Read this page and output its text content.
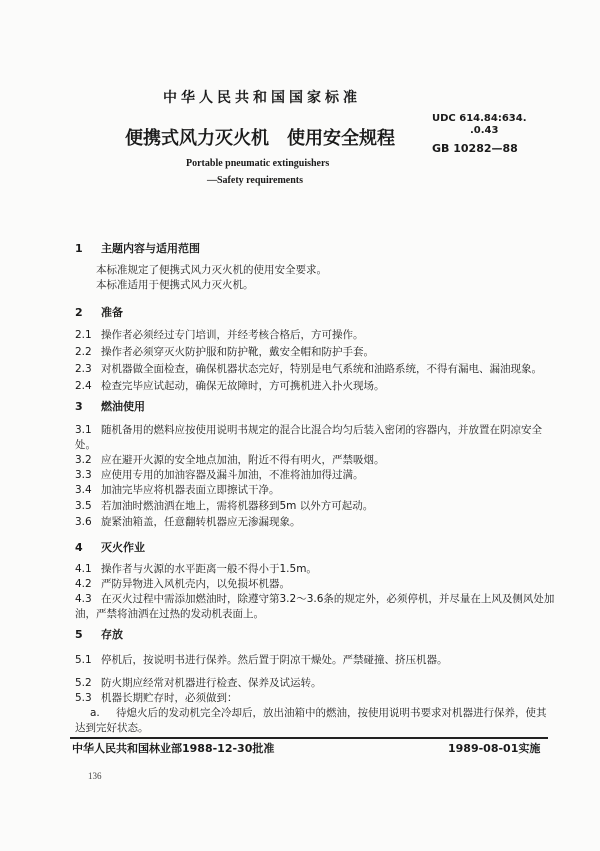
中华人民共和国国家标准
便携式风力灭火机　使用安全规程
UDC 614.84:634.
.0.43
GB 10282—88
Portable pneumatic extinguishers
—Safety requirements
1 主题内容与适用范围
本标准规定了便携式风力灭火机的使用安全要求。
本标准适用于便携式风力灭火机。
2 准备
2.1 操作者必须经过专门培训，并经考核合格后，方可操作。
2.2 操作者必须穿灭火防护服和防护靴，戴安全帽和防护手套。
2.3 对机器做全面检查，确保机器状态完好，特别是电气系统和油路系统，不得有漏电、漏油现象。
2.4 检查完毕应试起动，确保无故障时，方可携机进入扑火现场。
3 燃油使用
3.1 随机备用的燃料应按使用说明书规定的混合比混合均匀后装入密闭的容器内，并放置在阴凉安全
处。
3.2 应在避开火源的安全地点加油，附近不得有明火，严禁吸烟。
3.3 应使用专用的加油容器及漏斗加油，不准将油加得过满。
3.4 加油完毕应将机器表面立即擦试干净。
3.5 若加油时燃油洒在地上，需将机器移到5m 以外方可起动。
3.6 旋紧油箱盖，任意翻转机器应无渗漏现象。
4 灭火作业
4.1 操作者与火源的水平距离一般不得小于1.5m。
4.2 严防异物进入风机壳内，以免损坏机器。
4.3 在灭火过程中需添加燃油时，除遵守第3.2～3.6条的规定外，必须停机，并尽量在上风及侧风处加
油，严禁将油洒在过热的发动机表面上。
5 存放
5.1 停机后，按说明书进行保养。然后置于阴凉干燥处。严禁碰撞、挤压机器。
5.2 防火期应经常对机器进行检查、保养及试运转。
5.3 机器长期贮存时，必须做到：
a. 待熄火后的发动机完全冷却后，放出油箱中的燃油，按使用说明书要求对机器进行保养，使其
达到完好状态。
中华人民共和国林业部1988-12-30批准	1989-08-01实施
136
